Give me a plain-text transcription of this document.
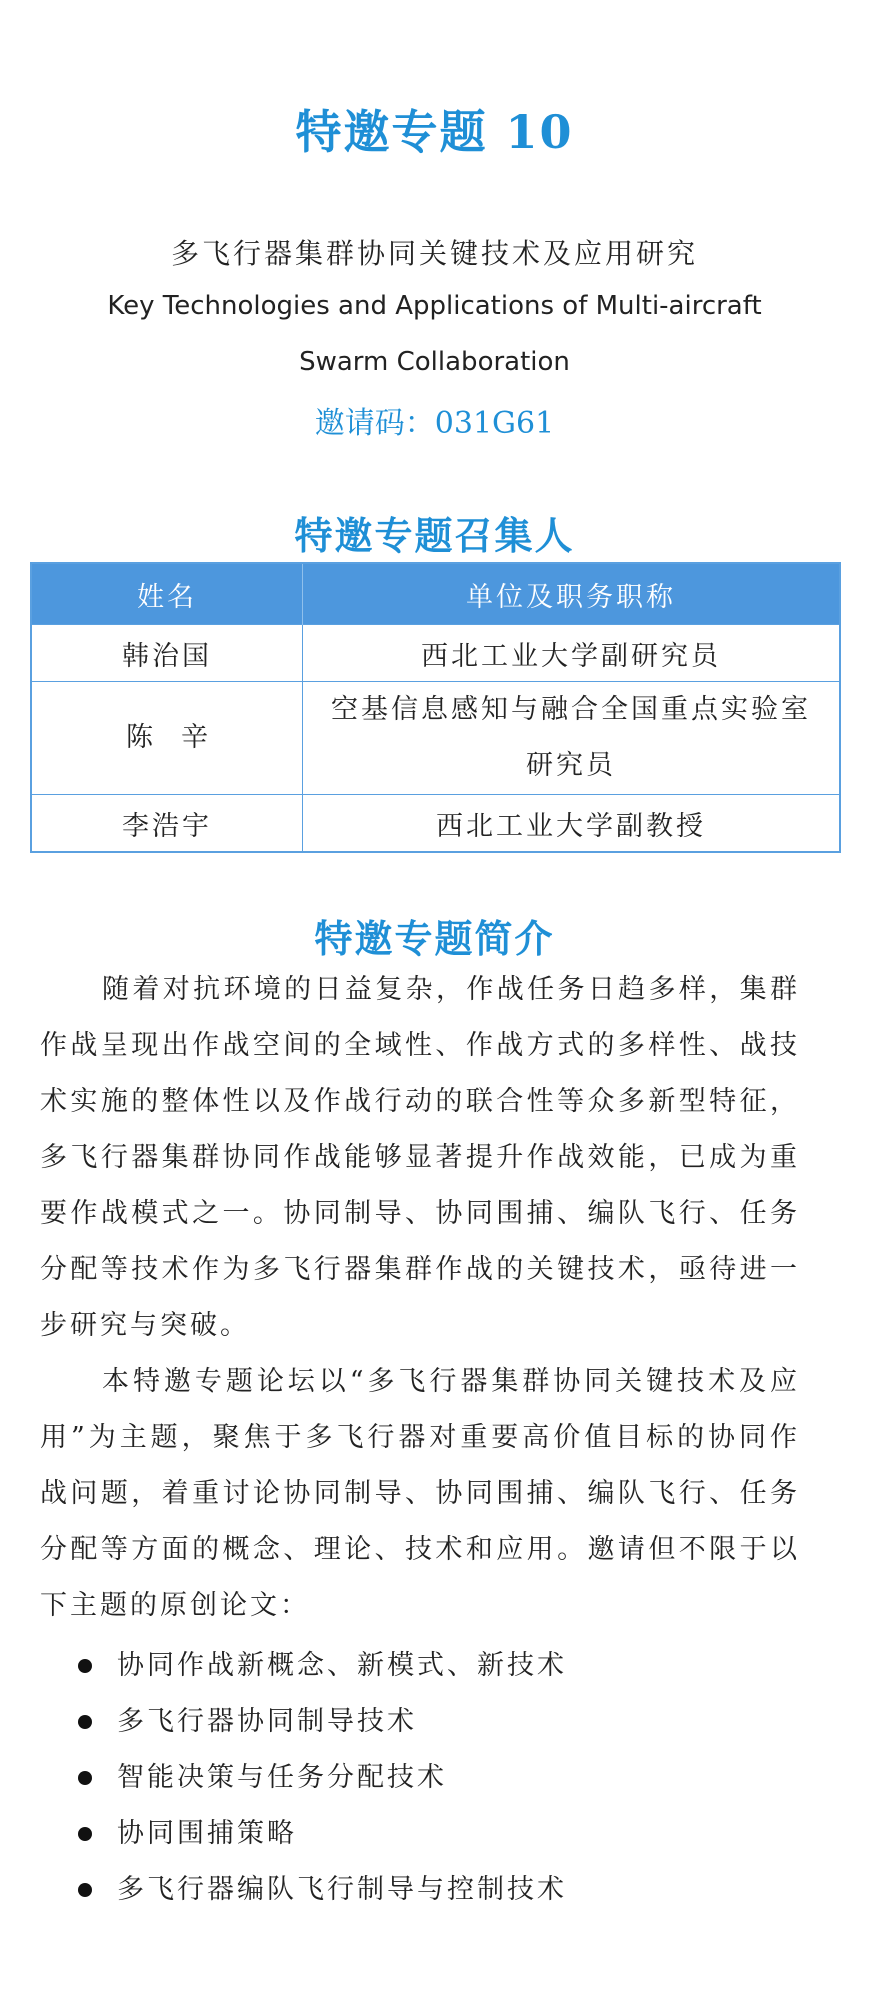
特邀专题 10
多飞行器集群协同关键技术及应用研究
Key Technologies and Applications of Multi-aircraft
Swarm Collaboration
邀请码：031G61
特邀专题召集人
姓名	单位及职务职称
韩治国	西北工业大学副研究员
陈辛	空基信息感知与融合全国重点实验室
研究员

李浩宇	西北工业大学副教授
特邀专题简介

随着对抗环境的日益复杂，作战任务日趋多样，集群作战呈现出作战空间的全域性、作战方式的多样性、战技术实施的整体性以及作战行动的联合性等众多新型特征，多飞行器集群协同作战能够显著提升作战效能，已成为重要作战模式之一。协同制导、协同围捕、编队飞行、任务分配等技术作为多飞行器集群作战的关键技术，亟待进一步研究与突破。

本特邀专题论坛以“多飞行器集群协同关键技术及应用”为主题，聚焦于多飞行器对重要高价值目标的协同作战问题，着重讨论协同制导、协同围捕、编队飞行、任务分配等方面的概念、理论、技术和应用。邀请但不限于以下主题的原创论文：

协同作战新概念、新模式、新技术
多飞行器协同制导技术
智能决策与任务分配技术
协同围捕策略
多飞行器编队飞行制导与控制技术
